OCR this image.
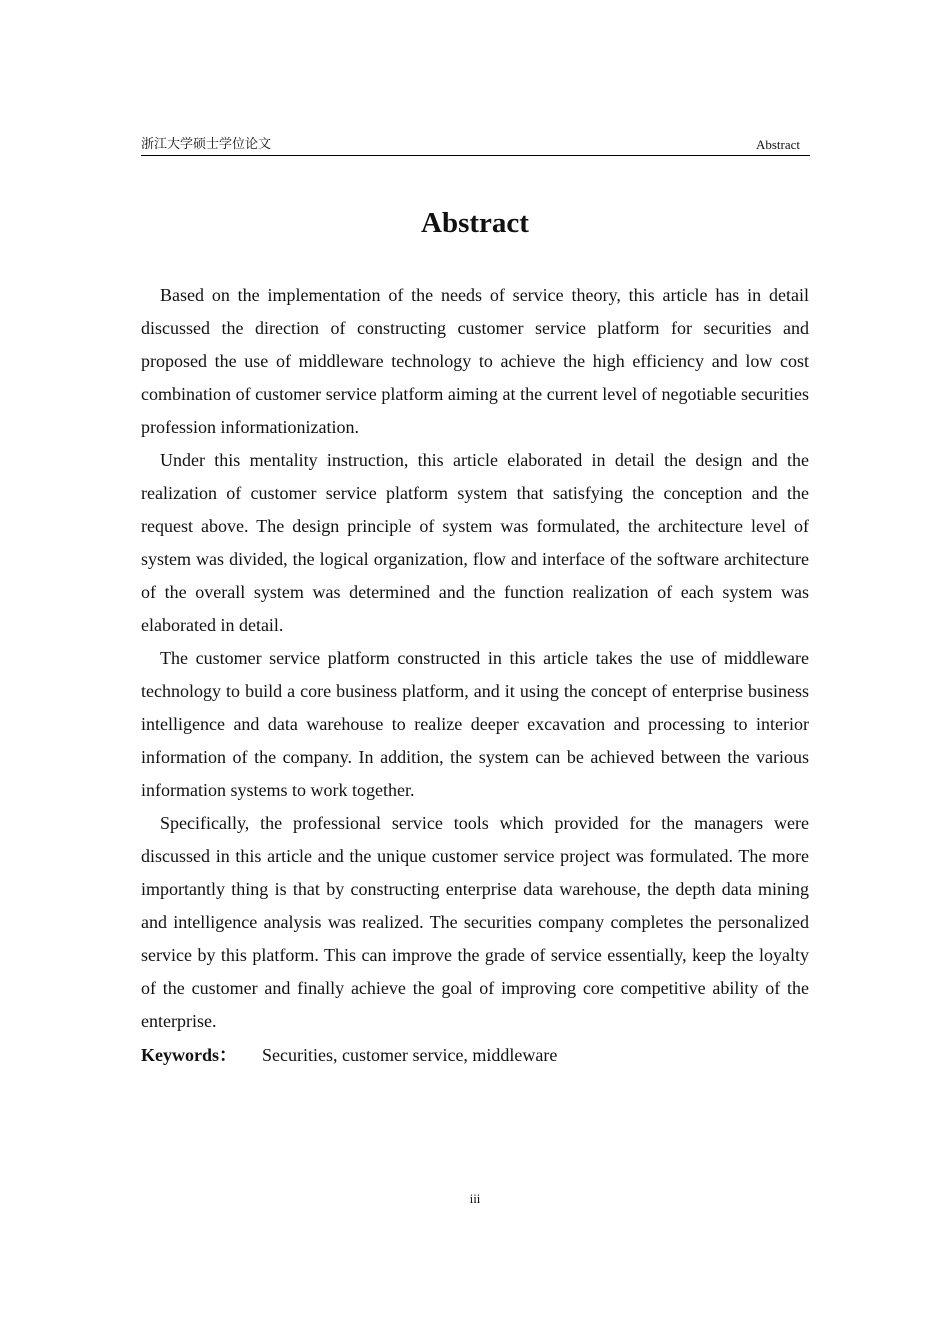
浙江大学硕士学位论文	Abstract
Abstract

Based on the implementation of the needs of service theory, this article has in detail discussed the direction of constructing customer service platform for securities and proposed the use of middleware technology to achieve the high efficiency and low cost combination of customer service platform aiming at the current level of negotiable securities profession informationization.

Under this mentality instruction, this article elaborated in detail the design and the realization of customer service platform system that satisfying the conception and the request above. The design principle of system was formulated, the architecture level of system was divided, the logical organization, flow and interface of the software architecture of the overall system was determined and the function realization of each system was elaborated in detail.

The customer service platform constructed in this article takes the use of middleware technology to build a core business platform, and it using the concept of enterprise business intelligence and data warehouse to realize deeper excavation and processing to interior information of the company. In addition, the system can be achieved between the various information systems to work together.

Specifically, the professional service tools which provided for the managers were discussed in this article and the unique customer service project was formulated. The more importantly thing is that by constructing enterprise data warehouse, the depth data mining and intelligence analysis was realized. The securities company completes the personalized service by this platform. This can improve the grade of service essentially, keep the loyalty of the customer and finally achieve the goal of improving core competitive ability of the enterprise.

Keywords： Securities, customer service, middleware
iii
